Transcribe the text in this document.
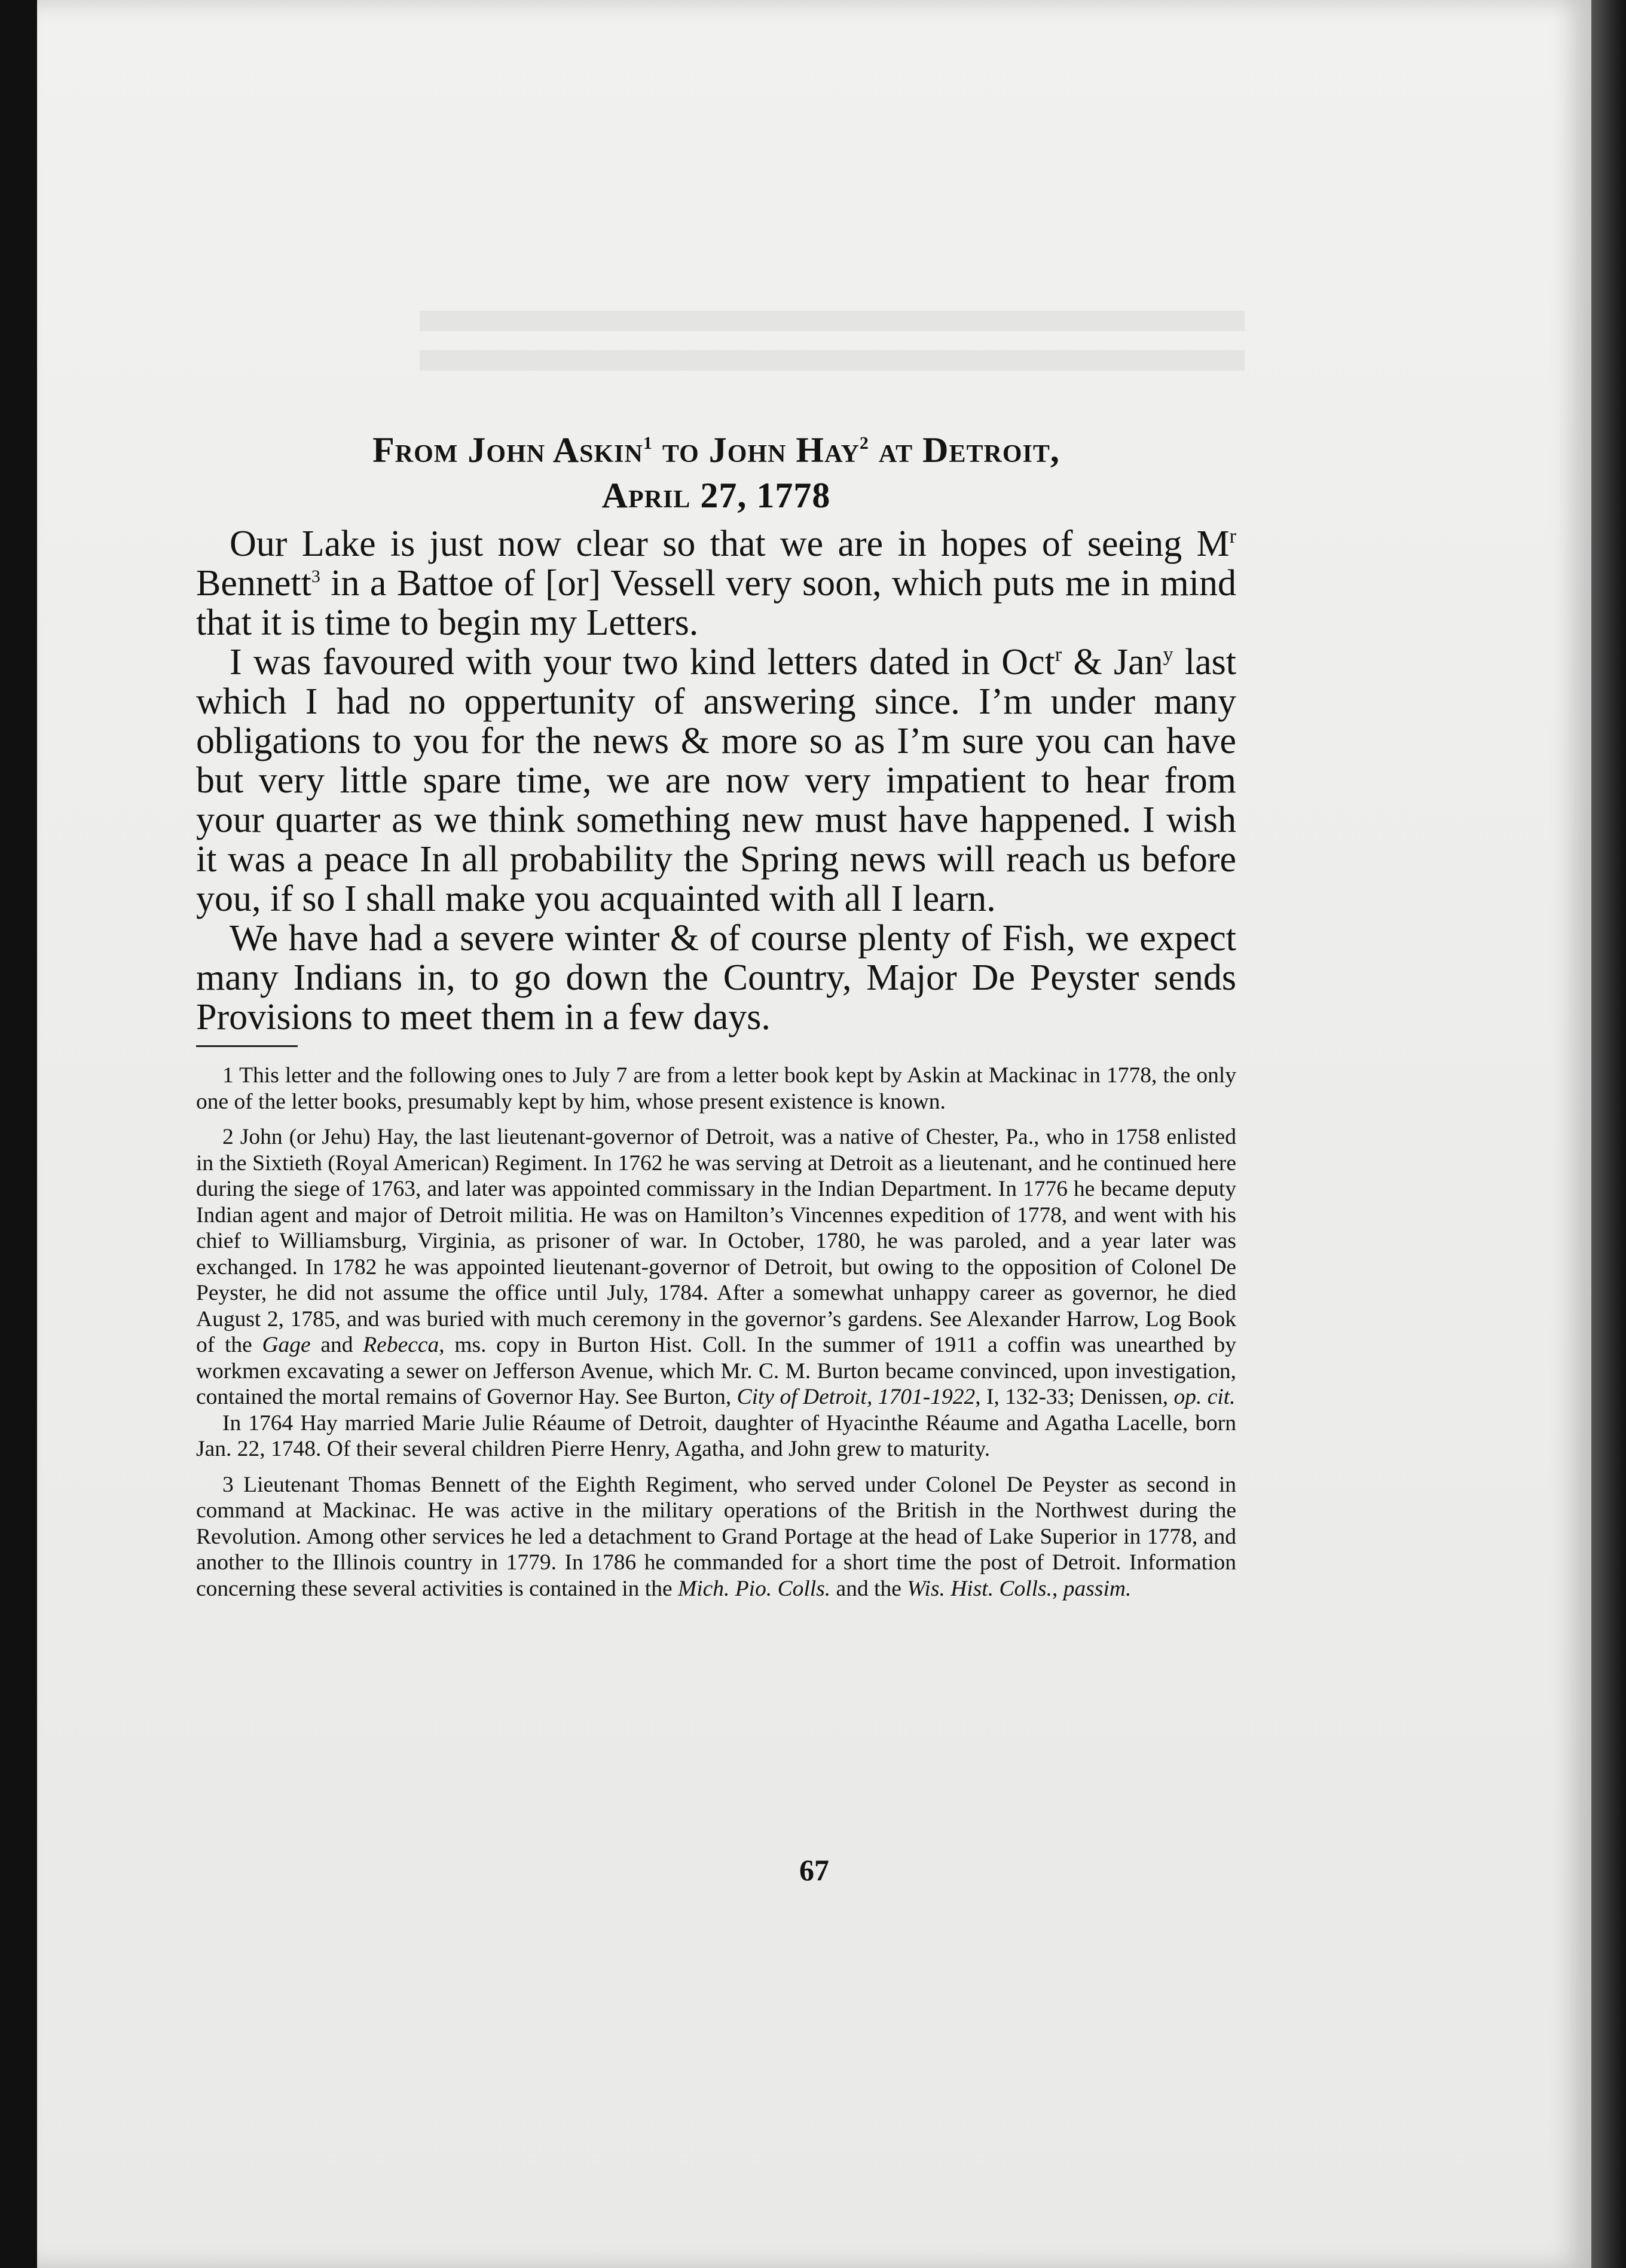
From John Askin$^1$ to John Hay$^2$ at Detroit,
April 27, 1778

Our Lake is just now clear so that we are in hopes of seeing $M^r$ Bennett$^3$ in a Battoe of [or] Vessell very soon, which puts me in mind that it is time to begin my Letters.

I was favoured with your two kind letters dated in Oct$^r$ & Jan$^y$ last which I had no oppertunity of answering since. I’m under many obligations to you for the news & more so as I’m sure you can have but very little spare time, we are now very impatient to hear from your quarter as we think something new must have happened. I wish it was a peace In all probability the Spring news will reach us before you, if so I shall make you acquainted with all I learn.

We have had a severe winter & of course plenty of Fish, we expect many Indians in, to go down the Country, Major De Peyster sends Provisions to meet them in a few days.

1 This letter and the following ones to July 7 are from a letter book kept by Askin at Mackinac in 1778, the only one of the letter books, presumably kept by him, whose present existence is known.

2 John (or Jehu) Hay, the last lieutenant-governor of Detroit, was a native of Chester, Pa., who in 1758 enlisted in the Sixtieth (Royal American) Regiment. In 1762 he was serving at Detroit as a lieutenant, and he continued here during the siege of 1763, and later was appointed commissary in the Indian Department. In 1776 he became deputy Indian agent and major of Detroit militia. He was on Hamilton’s Vincennes expedition of 1778, and went with his chief to Williamsburg, Virginia, as prisoner of war. In October, 1780, he was paroled, and a year later was exchanged. In 1782 he was appointed lieutenant-governor of Detroit, but owing to the opposition of Colonel De Peyster, he did not assume the office until July, 1784. After a somewhat unhappy career as governor, he died August 2, 1785, and was buried with much ceremony in the governor’s gardens. See Alexander Harrow, Log Book of the Gage and Rebecca, ms. copy in Burton Hist. Coll. In the summer of 1911 a coffin was unearthed by workmen excavating a sewer on Jefferson Avenue, which Mr. C. M. Burton became convinced, upon investigation, contained the mortal remains of Governor Hay. See Burton, City of Detroit, 1701-1922, I, 132-33; Denissen, op. cit.

In 1764 Hay married Marie Julie Réaume of Detroit, daughter of Hyacinthe Réaume and Agatha Lacelle, born Jan. 22, 1748. Of their several children Pierre Henry, Agatha, and John grew to maturity.

3 Lieutenant Thomas Bennett of the Eighth Regiment, who served under Colonel De Peyster as second in command at Mackinac. He was active in the military operations of the British in the Northwest during the Revolution. Among other services he led a detachment to Grand Portage at the head of Lake Superior in 1778, and another to the Illinois country in 1779. In 1786 he commanded for a short time the post of Detroit. Information concerning these several activities is contained in the Mich. Pio. Colls. and the Wis. Hist. Colls., passim.

67
